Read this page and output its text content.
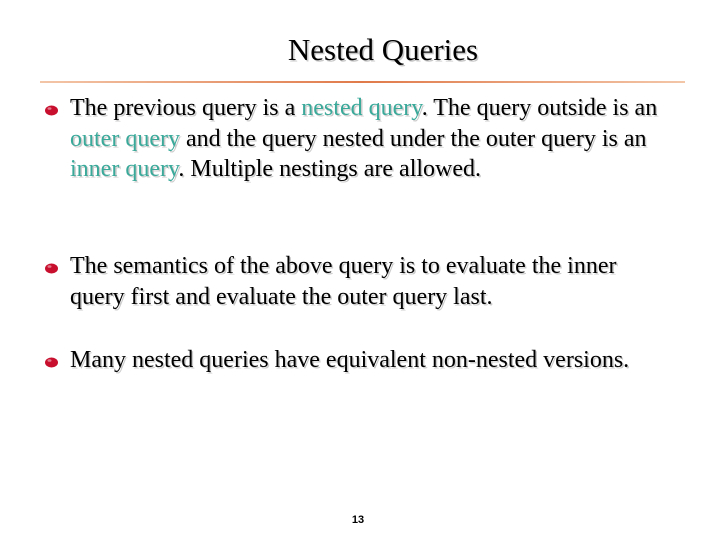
Nested Queries
The previous query is a nested query. The query outside is an outer query and the query nested under the outer query is an inner query. Multiple nestings are allowed.
The semantics of the above query is to evaluate the inner query first and evaluate the outer query last.
Many nested queries have equivalent non-nested versions.
13
